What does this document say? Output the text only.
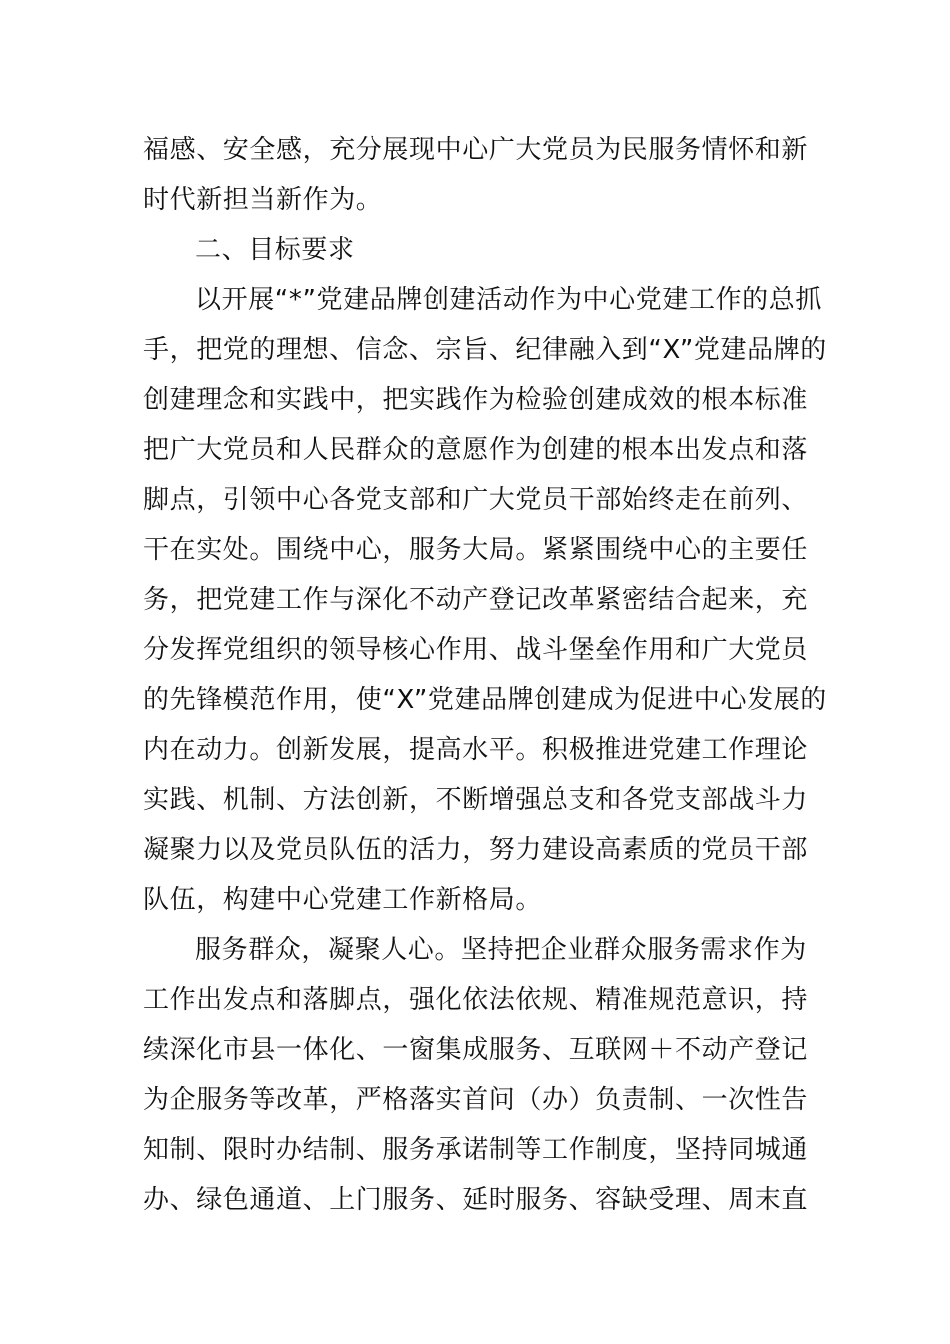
福感、安全感，充分展现中心广大党员为民服务情怀和新
时代新担当新作为。
二、目标要求
以开展“*”党建品牌创建活动作为中心党建工作的总抓
手，把党的理想、信念、宗旨、纪律融入到“X”党建品牌的
创建理念和实践中，把实践作为检验创建成效的根本标准
把广大党员和人民群众的意愿作为创建的根本出发点和落
脚点，引领中心各党支部和广大党员干部始终走在前列、
干在实处。围绕中心，服务大局。紧紧围绕中心的主要任
务，把党建工作与深化不动产登记改革紧密结合起来，充
分发挥党组织的领导核心作用、战斗堡垒作用和广大党员
的先锋模范作用，使“X”党建品牌创建成为促进中心发展的
内在动力。创新发展，提高水平。积极推进党建工作理论
实践、机制、方法创新，不断增强总支和各党支部战斗力
凝聚力以及党员队伍的活力，努力建设高素质的党员干部
队伍，构建中心党建工作新格局。
服务群众，凝聚人心。坚持把企业群众服务需求作为
工作出发点和落脚点，强化依法依规、精准规范意识，持
续深化市县一体化、一窗集成服务、互联网＋不动产登记
为企服务等改革，严格落实首问（办）负责制、一次性告
知制、限时办结制、服务承诺制等工作制度，坚持同城通
办、绿色通道、上门服务、延时服务、容缺受理、周末直
